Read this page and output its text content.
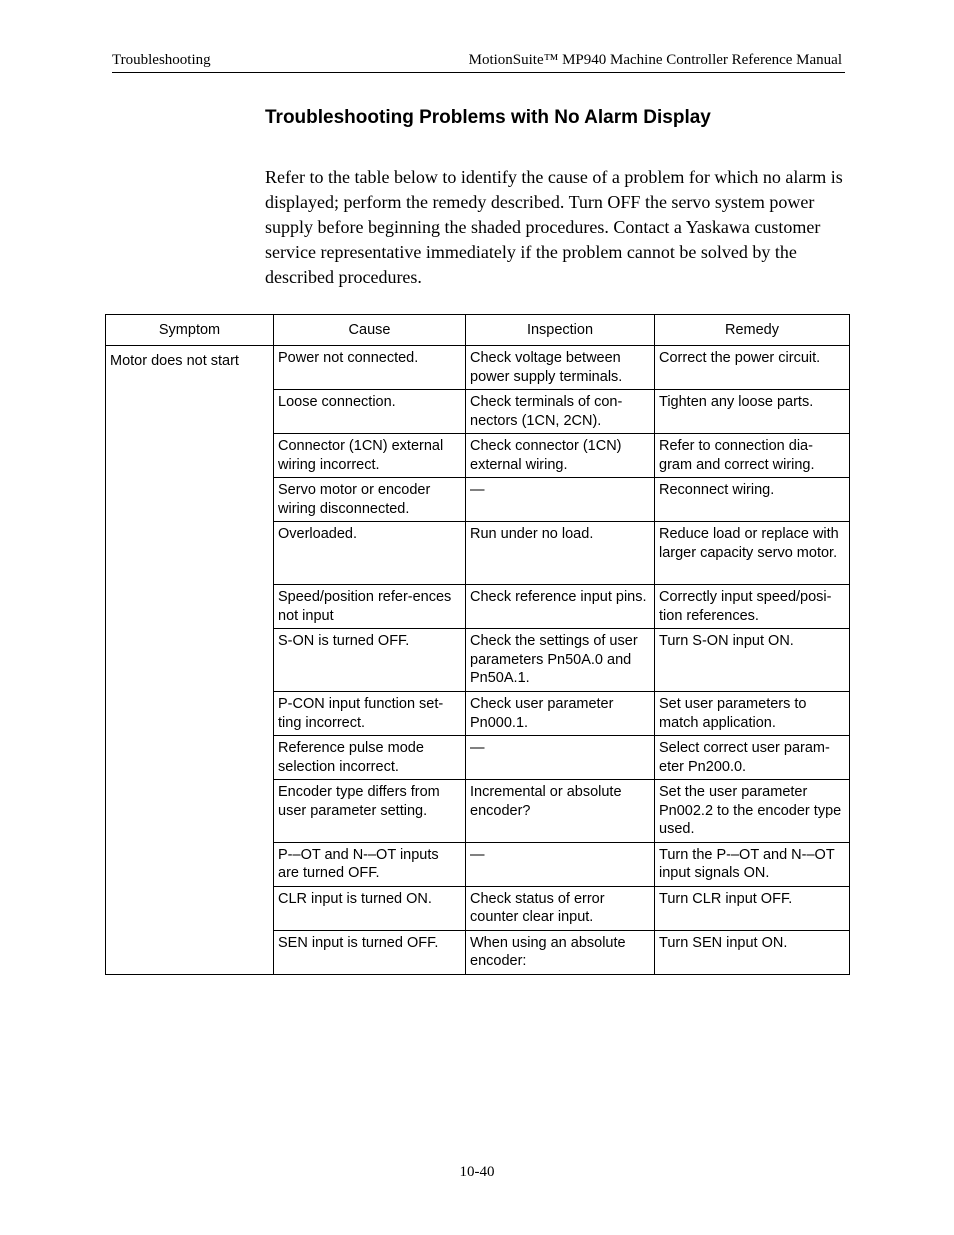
Troubleshooting	MotionSuite™ MP940 Machine Controller Reference Manual
Troubleshooting Problems with No Alarm Display
Refer to the table below to identify the cause of a problem for which no alarm is displayed; perform the remedy described. Turn OFF the servo system power supply before beginning the shaded procedures. Contact a Yaskawa customer service representative immediately if the problem cannot be solved by the described procedures.
Symptom	Cause	Inspection	Remedy
Motor does not start	Power not connected.	Check voltage between power supply terminals.	Correct the power circuit.
	Loose connection.	Check terminals of con-nectors (1CN, 2CN).	Tighten any loose parts.
	Connector (1CN) external wiring incorrect.	Check connector (1CN) external wiring.	Refer to connection dia-gram and correct wiring.
	Servo motor or encoder wiring disconnected.	—	Reconnect wiring.
	Overloaded.	Run under no load.	Reduce load or replace with larger capacity servo motor.
	Speed/position refer-ences not input	Check reference input pins.	Correctly input speed/posi-tion references.
	S-ON is turned OFF.	Check the settings of user parameters Pn50A.0 and Pn50A.1.	Turn S-ON input ON.
	P-CON input function set-ting incorrect.	Check user parameter Pn000.1.	Set user parameters to match application.
	Reference pulse mode selection incorrect.	—	Select correct user param-eter Pn200.0.
	Encoder type differs from user parameter setting.	Incremental or absolute encoder?	Set the user parameter Pn002.2 to the encoder type used.
	P-–OT and N-–OT inputs are turned OFF.	—	Turn the P-–OT and N-–OT input signals ON.
	CLR input is turned ON.	Check status of error counter clear input.	Turn CLR input OFF.
	SEN input is turned OFF.	When using an absolute encoder:	Turn SEN input ON.
10-40
